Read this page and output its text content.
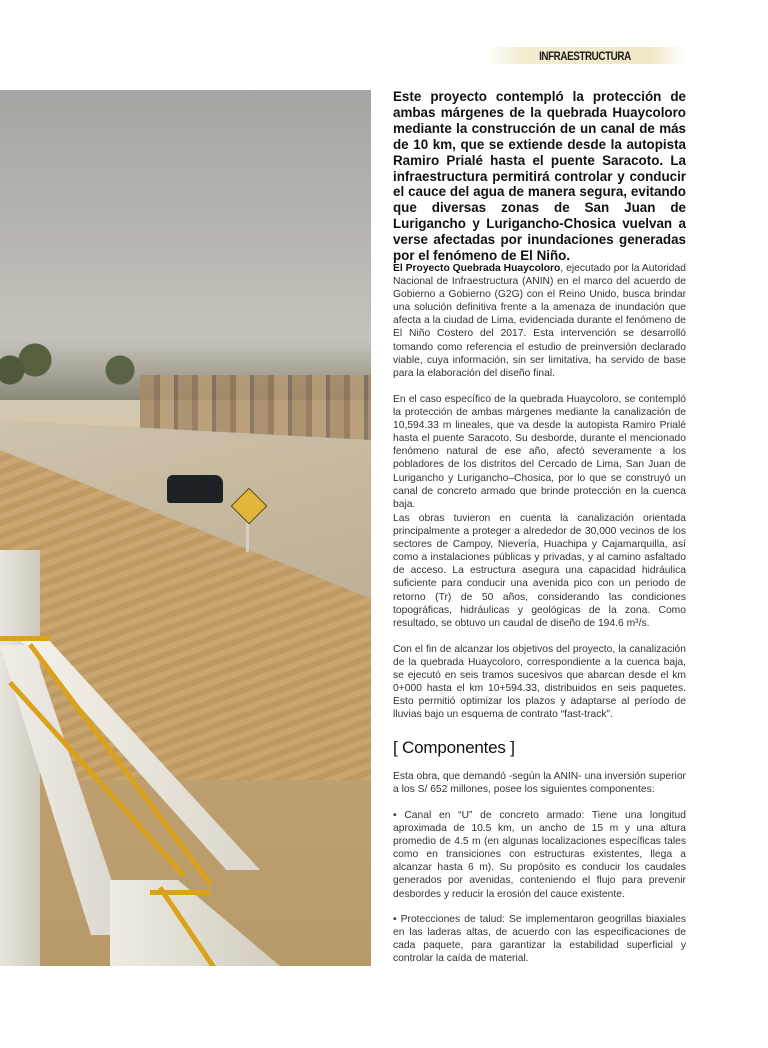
INFRAESTRUCTURA

Este proyecto contempló la protección de ambas márgenes de la quebrada Huaycoloro mediante la construcción de un canal de más de 10 km, que se extiende desde la autopista Ramiro Prialé hasta el puente Saracoto. La infraestructura permitirá controlar y conducir el cauce del agua de manera segura, evitando que diversas zonas de San Juan de Lurigancho y Lurigancho-Chosica vuelvan a verse afectadas por inundaciones generadas por el fenómeno de El Niño.

El Proyecto Quebrada Huaycoloro, ejecutado por la Autoridad Nacional de Infraestructura (ANIN) en el marco del acuerdo de Gobierno a Gobierno (G2G) con el Reino Unido, busca brindar una solución definitiva frente a la amenaza de inundación que afecta a la ciudad de Lima, evidenciada durante el fenómeno de El Niño Costero del 2017. Esta intervención se desarrolló tomando como referencia el estudio de preinversión declarado viable, cuya información, sin ser limitativa, ha servido de base para la elaboración del diseño final.

En el caso específico de la quebrada Huaycoloro, se contempló la protección de ambas márgenes mediante la canalización de 10,594.33 m lineales, que va desde la autopista Ramiro Prialé hasta el puente Saracoto. Su desborde, durante el mencionado fenómeno natural de ese año, afectó severamente a los pobladores de los distritos del Cercado de Lima, San Juan de Lurigancho y Lurigancho–Chosica, por lo que se construyó un canal de concreto armado que brinde protección en la cuenca baja.

Las obras tuvieron en cuenta la canalización orientada principalmente a proteger a alrededor de 30,000 vecinos de los sectores de Campoy, Nievería, Huachipa y Cajamarquilla, así como a instalaciones públicas y privadas, y al camino asfaltado de acceso. La estructura asegura una capacidad hidráulica suficiente para conducir una avenida pico con un periodo de retorno (Tr) de 50 años, considerando las condiciones topográficas, hidráulicas y geológicas de la zona. Como resultado, se obtuvo un caudal de diseño de 194.6 m³/s.

Con el fin de alcanzar los objetivos del proyecto, la canalización de la quebrada Huaycoloro, correspondiente a la cuenca baja, se ejecutó en seis tramos sucesivos que abarcan desde el km 0+000 hasta el km 10+594.33, distribuidos en seis paquetes. Esto permitió optimizar los plazos y adaptarse al período de lluvias bajo un esquema de contrato “fast-track”.

[ Componentes ]

Esta obra, que demandó -según la ANIN- una inversión superior a los S/ 652 millones, posee los siguientes componentes:

• Canal en “U” de concreto armado: Tiene una longitud aproximada de 10.5 km, un ancho de 15 m y una altura promedio de 4.5 m (en algunas localizaciones específicas tales como en transiciones con estructuras existentes, llega a alcanzar hasta 6 m). Su propósito es conducir los caudales generados por avenidas, conteniendo el flujo para prevenir desbordes y reducir la erosión del cauce existente.

• Protecciones de talud: Se implementaron geogrillas biaxiales en las laderas altas, de acuerdo con las especificaciones de cada paquete, para garantizar la estabilidad superficial y controlar la caída de material.
